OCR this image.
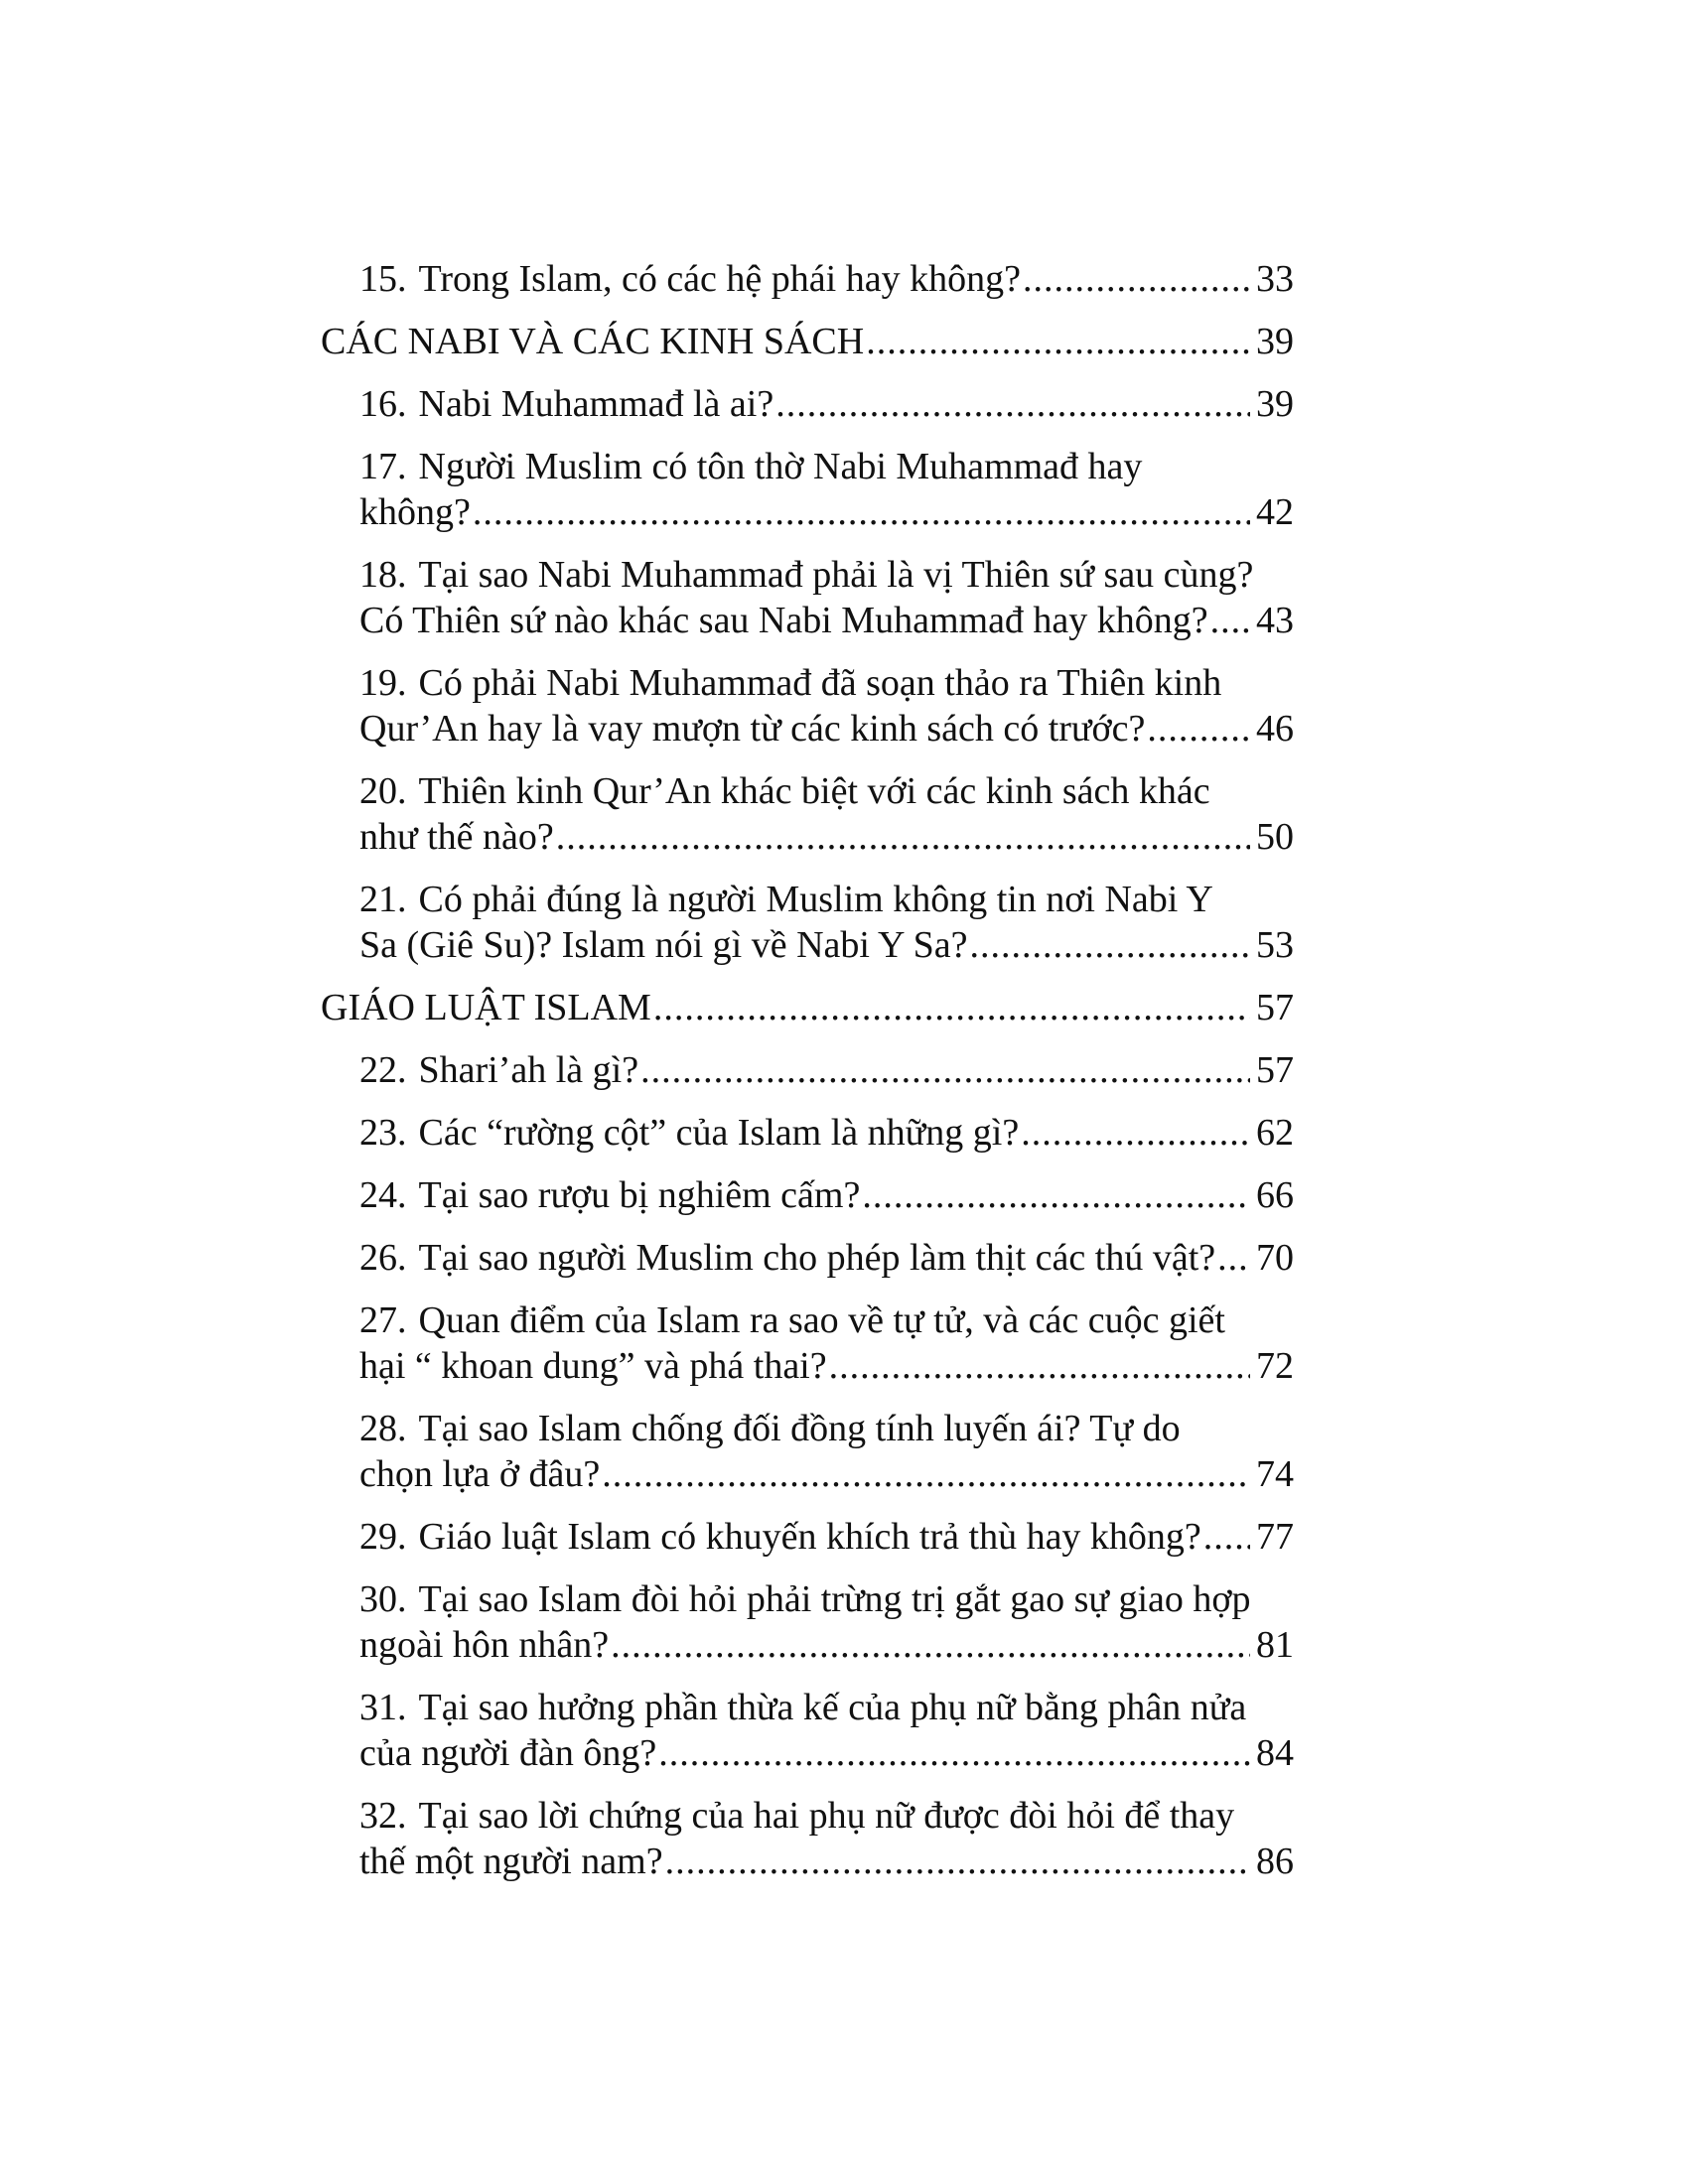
15. Trong Islam, có các hệ phái hay không? .....	33
CÁC NABI VÀ CÁC KINH SÁCH .....	39
16. Nabi Muhammađ là ai? .....	39
17. Người Muslim có tôn thờ Nabi Muhammađ hay
không? .....	42
18. Tại sao Nabi Muhammađ phải là vị Thiên sứ sau cùng?
Có Thiên sứ nào khác sau Nabi Muhammađ hay không? ..... 43
19. Có phải Nabi Muhammađ đã soạn thảo ra Thiên kinh
Qur’An hay là vay mượn từ các kinh sách có trước? .....	46
20. Thiên kinh Qur’An khác biệt với các kinh sách khác
như thế nào? .....	50
21. Có phải đúng là người Muslim không tin nơi Nabi Y
Sa (Giê Su)? Islam nói gì về Nabi Y Sa? .....	53
GIÁO LUẬT ISLAM .....	57
22. Shari’ah là gì? .....	57
23. Các “rường cột” của Islam là những gì? .....	62
24. Tại sao rượu bị nghiêm cấm? .....	66
26. Tại sao người Muslim cho phép làm thịt các thú vật? ..... 70
27. Quan điểm của Islam ra sao về tự tử, và các cuộc giết
hại “ khoan dung” và phá thai? .....	72
28. Tại sao Islam chống đối đồng tính luyến ái? Tự do
chọn lựa ở đâu? .....	74
29. Giáo luật Islam có khuyến khích trả thù hay không? ..... 77
30. Tại sao Islam đòi hỏi phải trừng trị gắt gao sự giao hợp
ngoài hôn nhân? .....	81
31. Tại sao hưởng phần thừa kế của phụ nữ bằng phân nửa
của người đàn ông? .....	84
32. Tại sao lời chứng của hai phụ nữ được đòi hỏi để thay
thế một người nam? .....	86
